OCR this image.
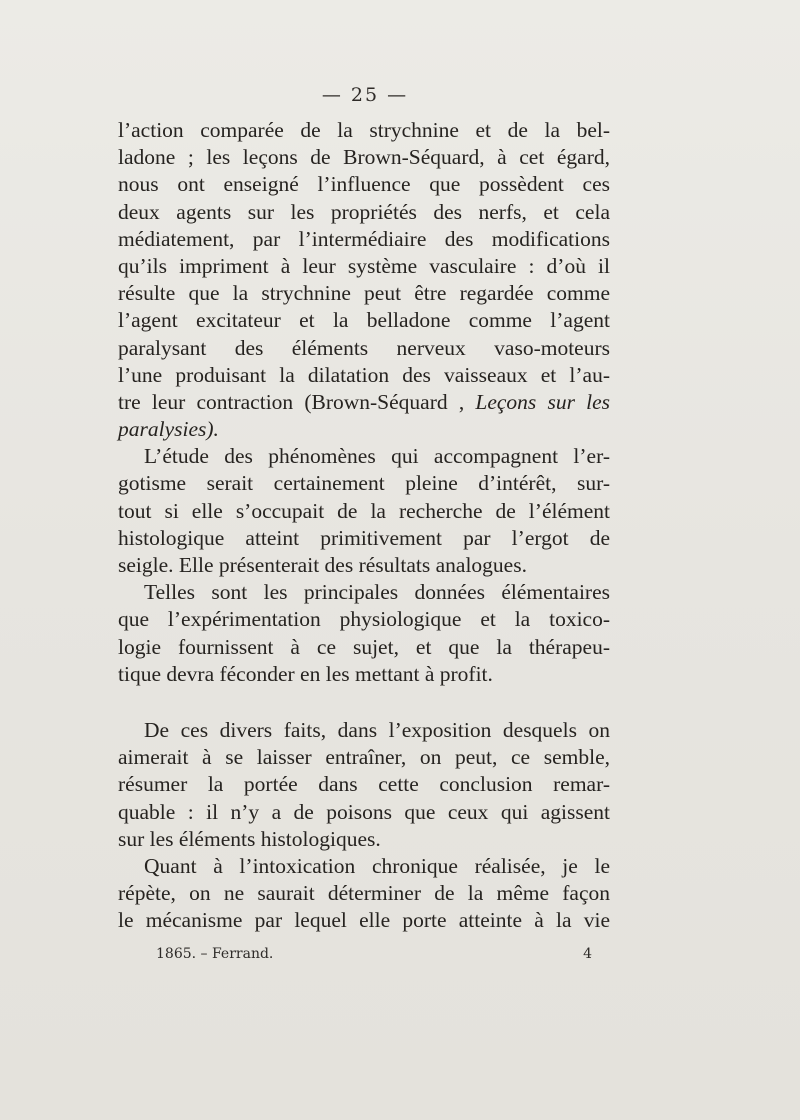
— 25 —
l’action comparée de la strychnine et de la bel-
ladone ; les leçons de Brown-Séquard, à cet égard,
nous ont enseigné l’influence que possèdent ces
deux agents sur les propriétés des nerfs, et cela
médiatement, par l’intermédiaire des modifications
qu’ils impriment à leur système vasculaire : d’où il
résulte que la strychnine peut être regardée comme
l’agent excitateur et la belladone comme l’agent
paralysant des éléments nerveux vaso-moteurs
l’une produisant la dilatation des vaisseaux et l’au-
tre leur contraction (Brown-Séquard , Leçons sur les
paralysies).
L’étude des phénomènes qui accompagnent l’er-
gotisme serait certainement pleine d’intérêt, sur-
tout si elle s’occupait de la recherche de l’élément
histologique atteint primitivement par l’ergot de
seigle. Elle présenterait des résultats analogues.
Telles sont les principales données élémentaires
que l’expérimentation physiologique et la toxico-
logie fournissent à ce sujet, et que la thérapeu-
tique devra féconder en les mettant à profit.
De ces divers faits, dans l’exposition desquels on
aimerait à se laisser entraîner, on peut, ce semble,
résumer la portée dans cette conclusion remar-
quable : il n’y a de poisons que ceux qui agissent
sur les éléments histologiques.
Quant à l’intoxication chronique réalisée, je le
répète, on ne saurait déterminer de la même façon
le mécanisme par lequel elle porte atteinte à la vie
1865. – Ferrand.	4
